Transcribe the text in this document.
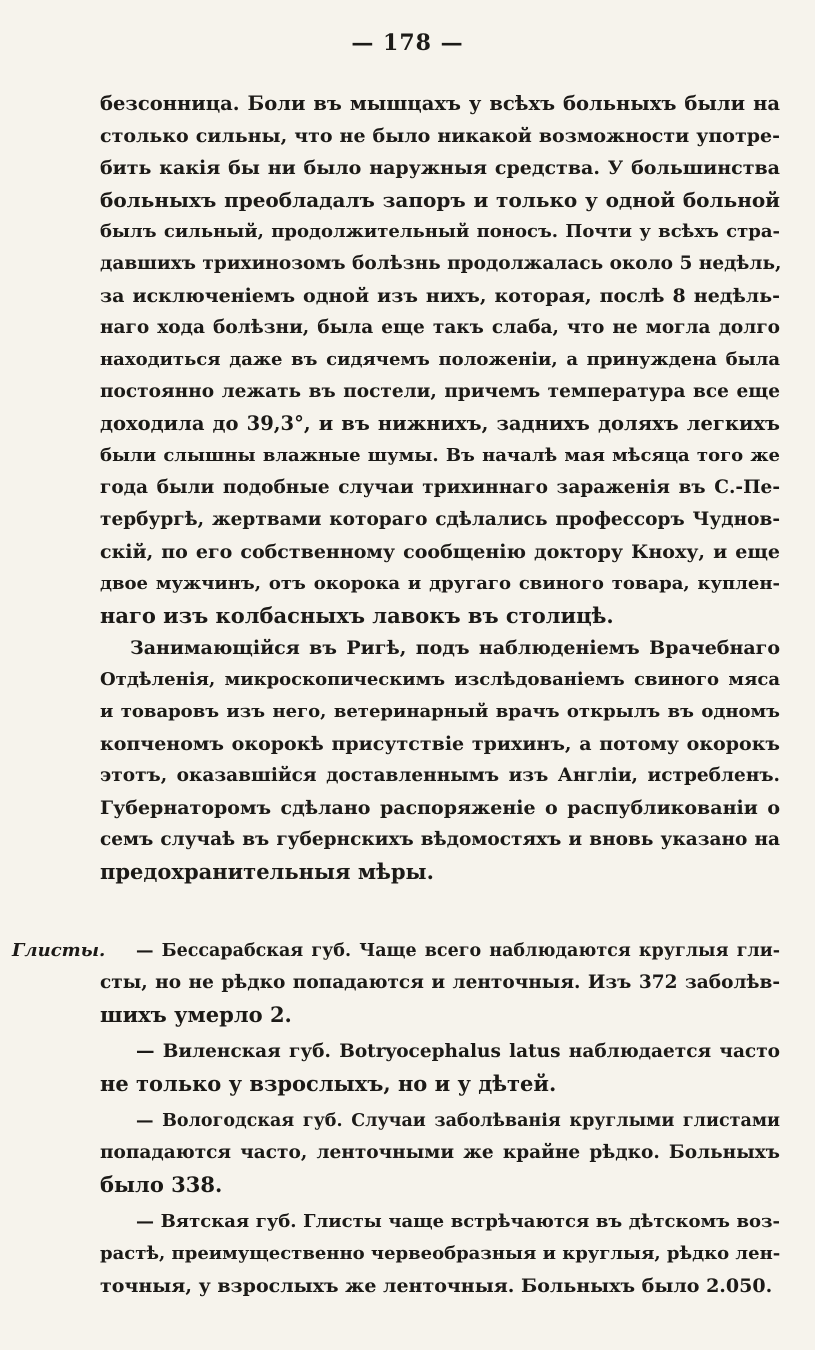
— 178 —
безсонница. Боли въ мышцахъ у всѣхъ больныхъ были на
столько сильны, что не было никакой возможности употре-
бить какія бы ни было наружныя средства. У большинства
больныхъ преобладалъ запоръ и только у одной больной
былъ сильный, продолжительный поносъ. Почти у всѣхъ стра-
давшихъ трихинозомъ болѣзнь продолжалась около 5 недѣль,
за исключеніемъ одной изъ нихъ, которая, послѣ 8 недѣль-
наго хода болѣзни, была еще такъ слаба, что не могла долго
находиться даже въ сидячемъ положеніи, а принуждена была
постоянно лежать въ постели, причемъ температура все еще
доходила до 39,3°, и въ нижнихъ, заднихъ доляхъ легкихъ
были слышны влажные шумы. Въ началѣ мая мѣсяца того же
года были подобные случаи трихиннаго зараженія въ С.-Пе-
тербургѣ, жертвами котораго сдѣлались профессоръ Чуднов-
скій, по его собственному сообщенію доктору Кноху, и еще
двое мужчинъ, отъ окорока и другаго свиного товара, куплен-
наго изъ колбасныхъ лавокъ въ столицѣ.
Занимающійся въ Ригѣ, подъ наблюденіемъ Врачебнаго
Отдѣленія, микроскопическимъ изслѣдованіемъ свиного мяса
и товаровъ изъ него, ветеринарный врачъ открылъ въ одномъ
копченомъ окорокѣ присутствіе трихинъ, а потому окорокъ
этотъ, оказавшійся доставленнымъ изъ Англіи, истребленъ.
Губернаторомъ сдѣлано распоряженіе о распубликованіи о
семъ случаѣ въ губернскихъ вѣдомостяхъ и вновь указано на
предохранительныя мѣры.
Глисты. — Бессарабская губ. Чаще всего наблюдаются круглыя гли-
сты, но не рѣдко попадаются и ленточныя. Изъ 372 заболѣв-
шихъ умерло 2.
— Виленская губ. Botryocephalus latus наблюдается часто
не только у взрослыхъ, но и у дѣтей.
— Вологодская губ. Случаи заболѣванія круглыми глистами
попадаются часто, ленточными же крайне рѣдко. Больныхъ
было 338.
— Вятская губ. Глисты чаще встрѣчаются въ дѣтскомъ воз-
растѣ, преимущественно червеобразныя и круглыя, рѣдко лен-
точныя, у взрослыхъ же ленточныя. Больныхъ было 2.050.
